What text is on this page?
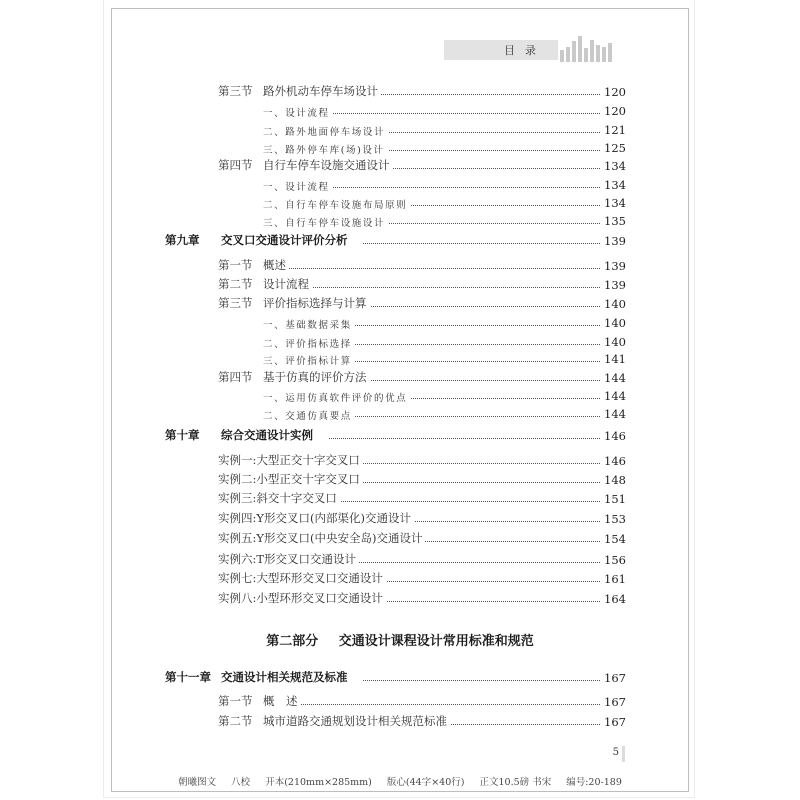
目录
第三节 路外机动车停车场设计	120
一、设计流程	120
二、路外地面停车场设计	121
三、路外停车库(场)设计	125
第四节 自行车停车设施交通设计	134
一、设计流程	134
二、自行车停车设施布局原则	134
三、自行车停车设施设计	135
第九章 交叉口交通设计评价分析　	139
第一节 概述	139
第二节 设计流程	139
第三节 评价指标选择与计算	140
一、基础数据采集	140
二、评价指标选择	140
三、评价指标计算	141
第四节 基于仿真的评价方法	144
一、运用仿真软件评价的优点	144
二、交通仿真要点	144
第十章 综合交通设计实例　	146
实例一:大型正交十字交叉口	146
实例二:小型正交十字交叉口	148
实例三:斜交十字交叉口	151
实例四:Y形交叉口(内部渠化)交通设计	153
实例五:Y形交叉口(中央安全岛)交通设计	154
实例六:T形交叉口交通设计	156
实例七:大型环形交叉口交通设计	161
实例八:小型环形交叉口交通设计	164
第十一章 交通设计相关规范及标准　	167
第一节 概　述	167
第二节 城市道路交通规划设计相关规范标准	167
第二部分 交通设计课程设计常用标准和规范
5
朝曦图文 八校 开本(210mm×285mm) 版心(44字×40行) 正文10.5磅 书宋 编号:20-189
